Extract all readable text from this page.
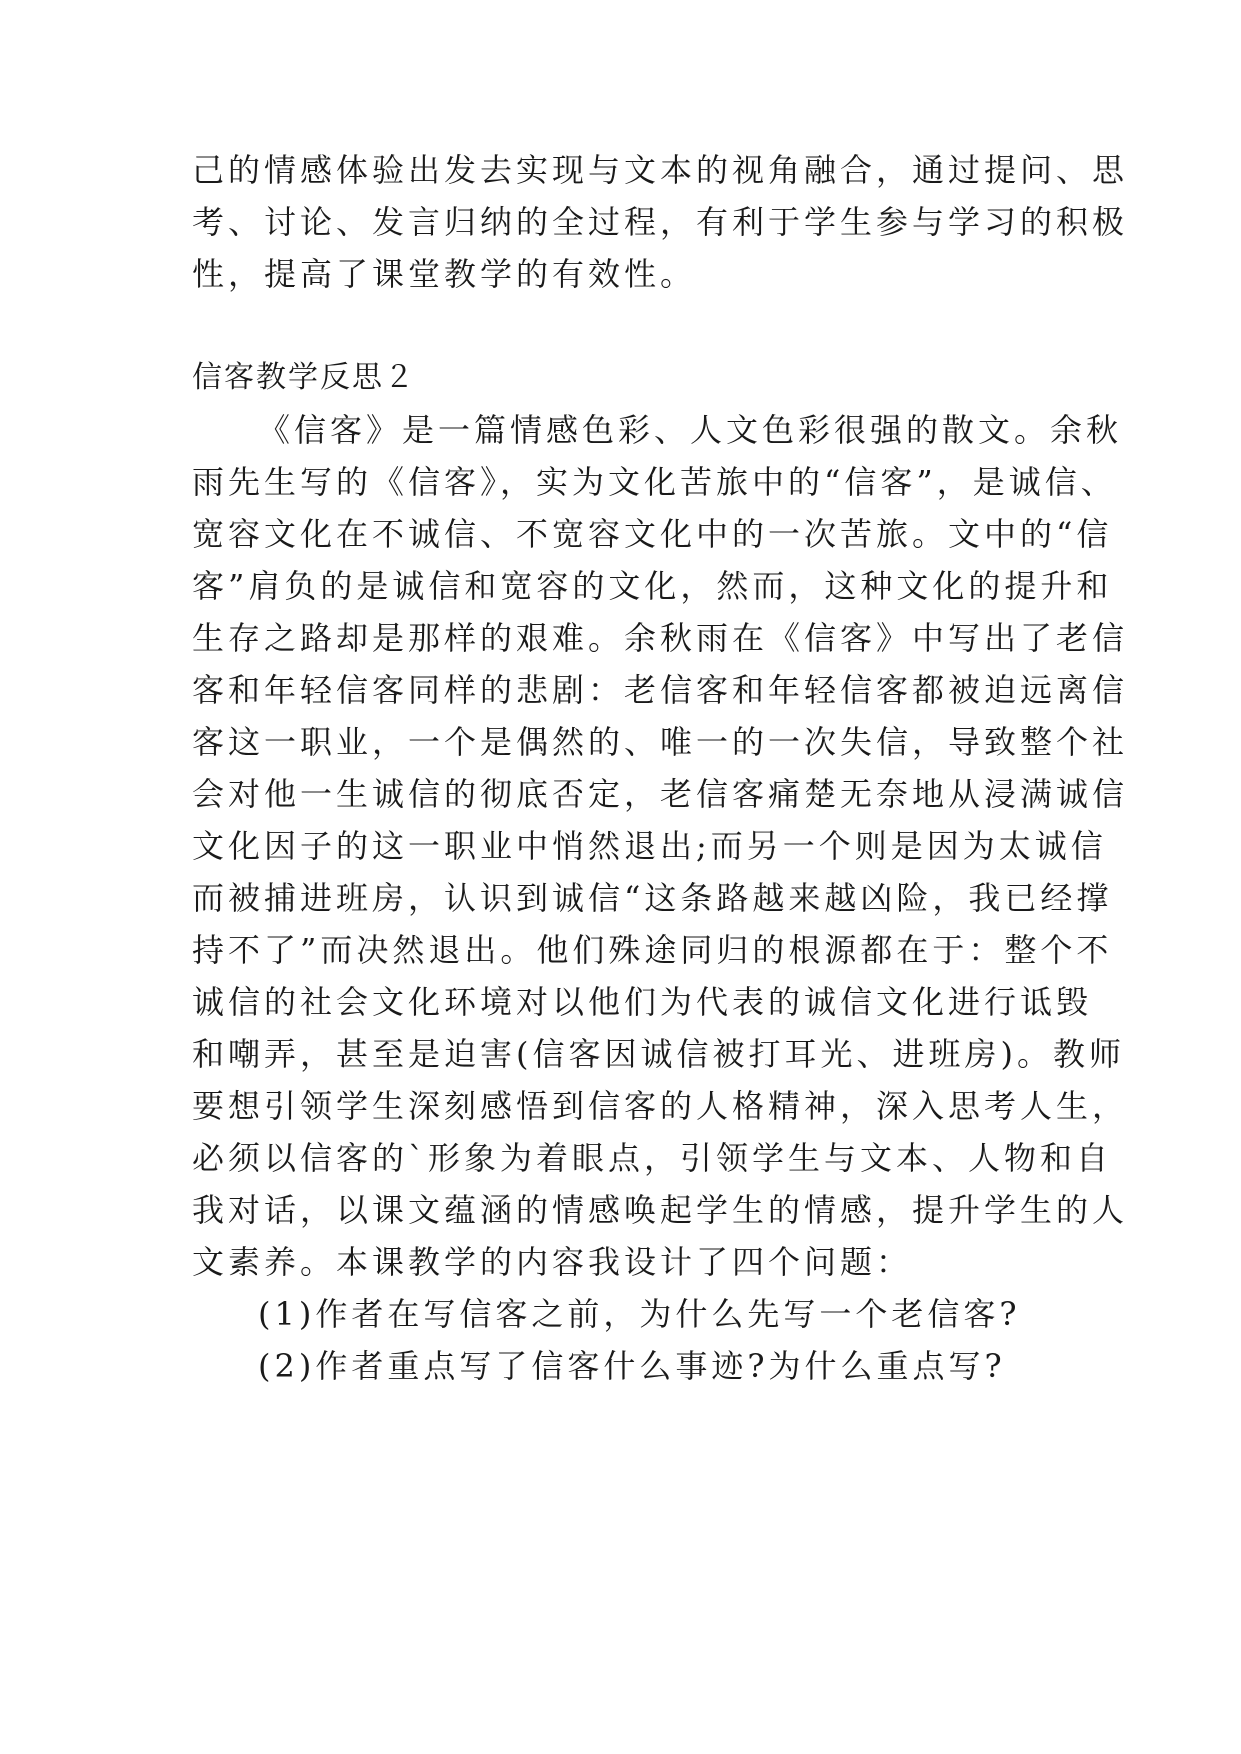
己的情感体验出发去实现与文本的视角融合，通过提问、思
考、讨论、发言归纳的全过程，有利于学生参与学习的积极
性，提高了课堂教学的有效性。
信客教学反思２
《信客》是一篇情感色彩、人文色彩很强的散文。余秋
雨先生写的《信客》，实为文化苦旅中的“信客”，是诚信、
宽容文化在不诚信、不宽容文化中的一次苦旅。文中的“信
客”肩负的是诚信和宽容的文化，然而，这种文化的提升和
生存之路却是那样的艰难。余秋雨在《信客》中写出了老信
客和年轻信客同样的悲剧：老信客和年轻信客都被迫远离信
客这一职业，一个是偶然的、唯一的一次失信，导致整个社
会对他一生诚信的彻底否定，老信客痛楚无奈地从浸满诚信
文化因子的这一职业中悄然退出;而另一个则是因为太诚信
而被捕进班房，认识到诚信“这条路越来越凶险，我已经撑
持不了”而决然退出。他们殊途同归的根源都在于：整个不
诚信的社会文化环境对以他们为代表的诚信文化进行诋毁
和嘲弄，甚至是迫害(信客因诚信被打耳光、进班房)。教师
要想引领学生深刻感悟到信客的人格精神，深入思考人生，
必须以信客的`形象为着眼点，引领学生与文本、人物和自
我对话，以课文蕴涵的情感唤起学生的情感，提升学生的人
文素养。本课教学的内容我设计了四个问题：
(1)作者在写信客之前，为什么先写一个老信客?
(2)作者重点写了信客什么事迹?为什么重点写?
